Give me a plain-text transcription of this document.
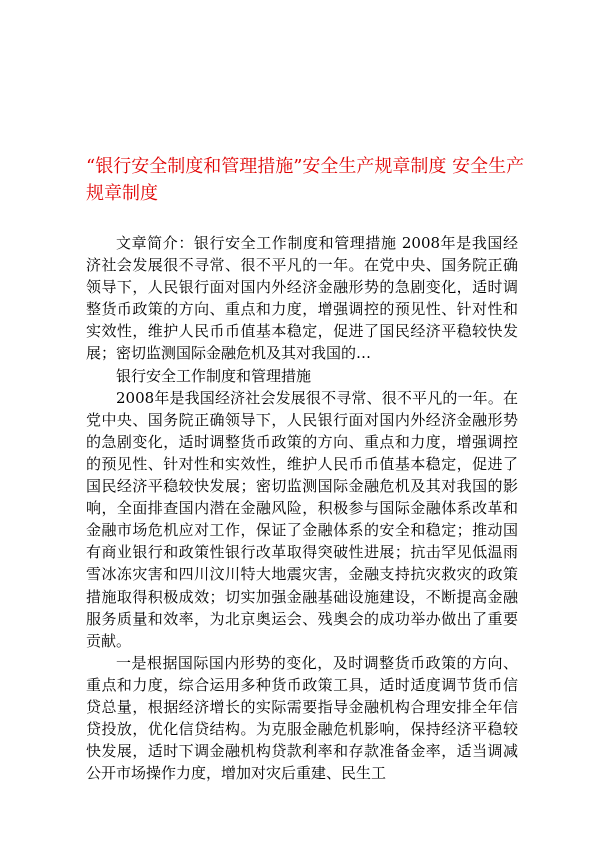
“银行安全制度和管理措施”安全生产规章制度 安全生产规章制度

文章简介：银行安全工作制度和管理措施 2008年是我国经济社会发展很不寻常、很不平凡的一年。在党中央、国务院正确领导下，人民银行面对国内外经济金融形势的急剧变化，适时调整货币政策的方向、重点和力度，增强调控的预见性、针对性和实效性，维护人民币币值基本稳定，促进了国民经济平稳较快发展；密切监测国际金融危机及其对我国的…

银行安全工作制度和管理措施

2008年是我国经济社会发展很不寻常、很不平凡的一年。在党中央、国务院正确领导下，人民银行面对国内外经济金融形势的急剧变化，适时调整货币政策的方向、重点和力度，增强调控的预见性、针对性和实效性，维护人民币币值基本稳定，促进了国民经济平稳较快发展；密切监测国际金融危机及其对我国的影响，全面排查国内潜在金融风险，积极参与国际金融体系改革和金融市场危机应对工作，保证了金融体系的安全和稳定；推动国有商业银行和政策性银行改革取得突破性进展；抗击罕见低温雨雪冰冻灾害和四川汶川特大地震灾害，金融支持抗灾救灾的政策措施取得积极成效；切实加强金融基础设施建设，不断提高金融服务质量和效率，为北京奥运会、残奥会的成功举办做出了重要贡献。

一是根据国际国内形势的变化，及时调整货币政策的方向、重点和力度，综合运用多种货币政策工具，适时适度调节货币信贷总量，根据经济增长的实际需要指导金融机构合理安排全年信贷投放，优化信贷结构。为克服金融危机影响，保持经济平稳较快发展，适时下调金融机构贷款利率和存款准备金率，适当调减公开市场操作力度，增加对灾后重建、民生工
